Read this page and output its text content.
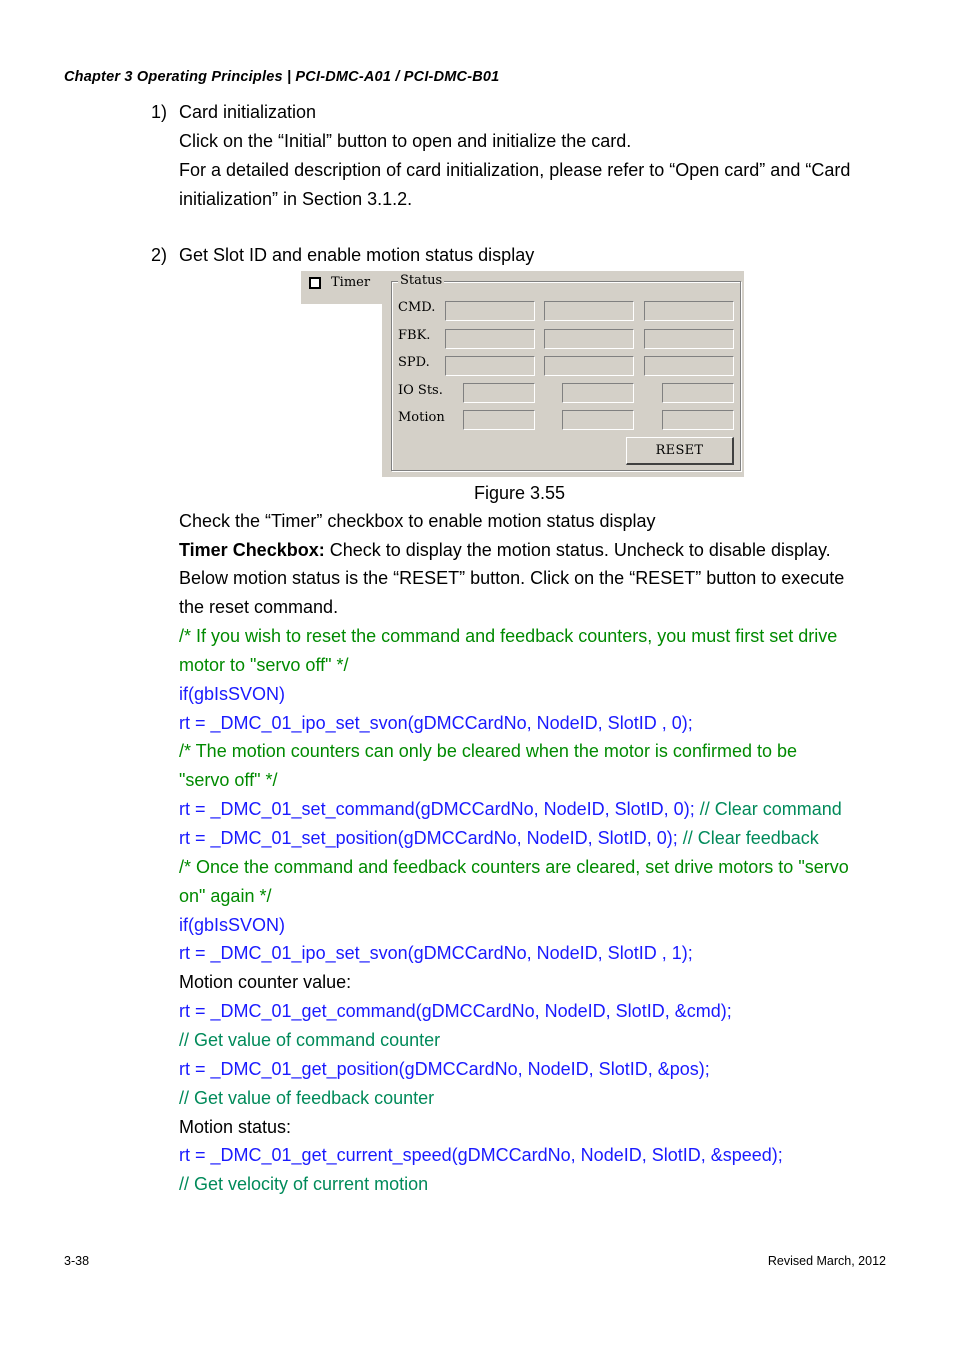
Chapter 3 Operating Principles | PCI-DMC-A01 / PCI-DMC-B01
1) Card initialization
Click on the “Initial” button to open and initialize the card.
For a detailed description of card initialization, please refer to “Open card” and “Card
initialization” in Section 3.1.2.
2) Get Slot ID and enable motion status display
Timer Status
CMD.
FBK.
SPD.
IO Sts.
Motion
RESET
Figure 3.55
Check the “Timer” checkbox to enable motion status display
Timer Checkbox: Check to display the motion status. Uncheck to disable display.
Below motion status is the “RESET” button. Click on the “RESET” button to execute
the reset command.
/* If you wish to reset the command and feedback counters, you must first set drive
motor to "servo off" */
if(gbIsSVON)
rt = _DMC_01_ipo_set_svon(gDMCCardNo, NodeID, SlotID , 0);
/* The motion counters can only be cleared when the motor is confirmed to be
"servo off" */
rt = _DMC_01_set_command(gDMCCardNo, NodeID, SlotID, 0); // Clear command
rt = _DMC_01_set_position(gDMCCardNo, NodeID, SlotID, 0); // Clear feedback
/* Once the command and feedback counters are cleared, set drive motors to "servo
on" again */
if(gbIsSVON)
rt = _DMC_01_ipo_set_svon(gDMCCardNo, NodeID, SlotID , 1);
Motion counter value:
rt = _DMC_01_get_command(gDMCCardNo, NodeID, SlotID, &cmd);
// Get value of command counter
rt = _DMC_01_get_position(gDMCCardNo, NodeID, SlotID, &pos);
// Get value of feedback counter
Motion status:
rt = _DMC_01_get_current_speed(gDMCCardNo, NodeID, SlotID, &speed);
// Get velocity of current motion
3-38	Revised March, 2012
